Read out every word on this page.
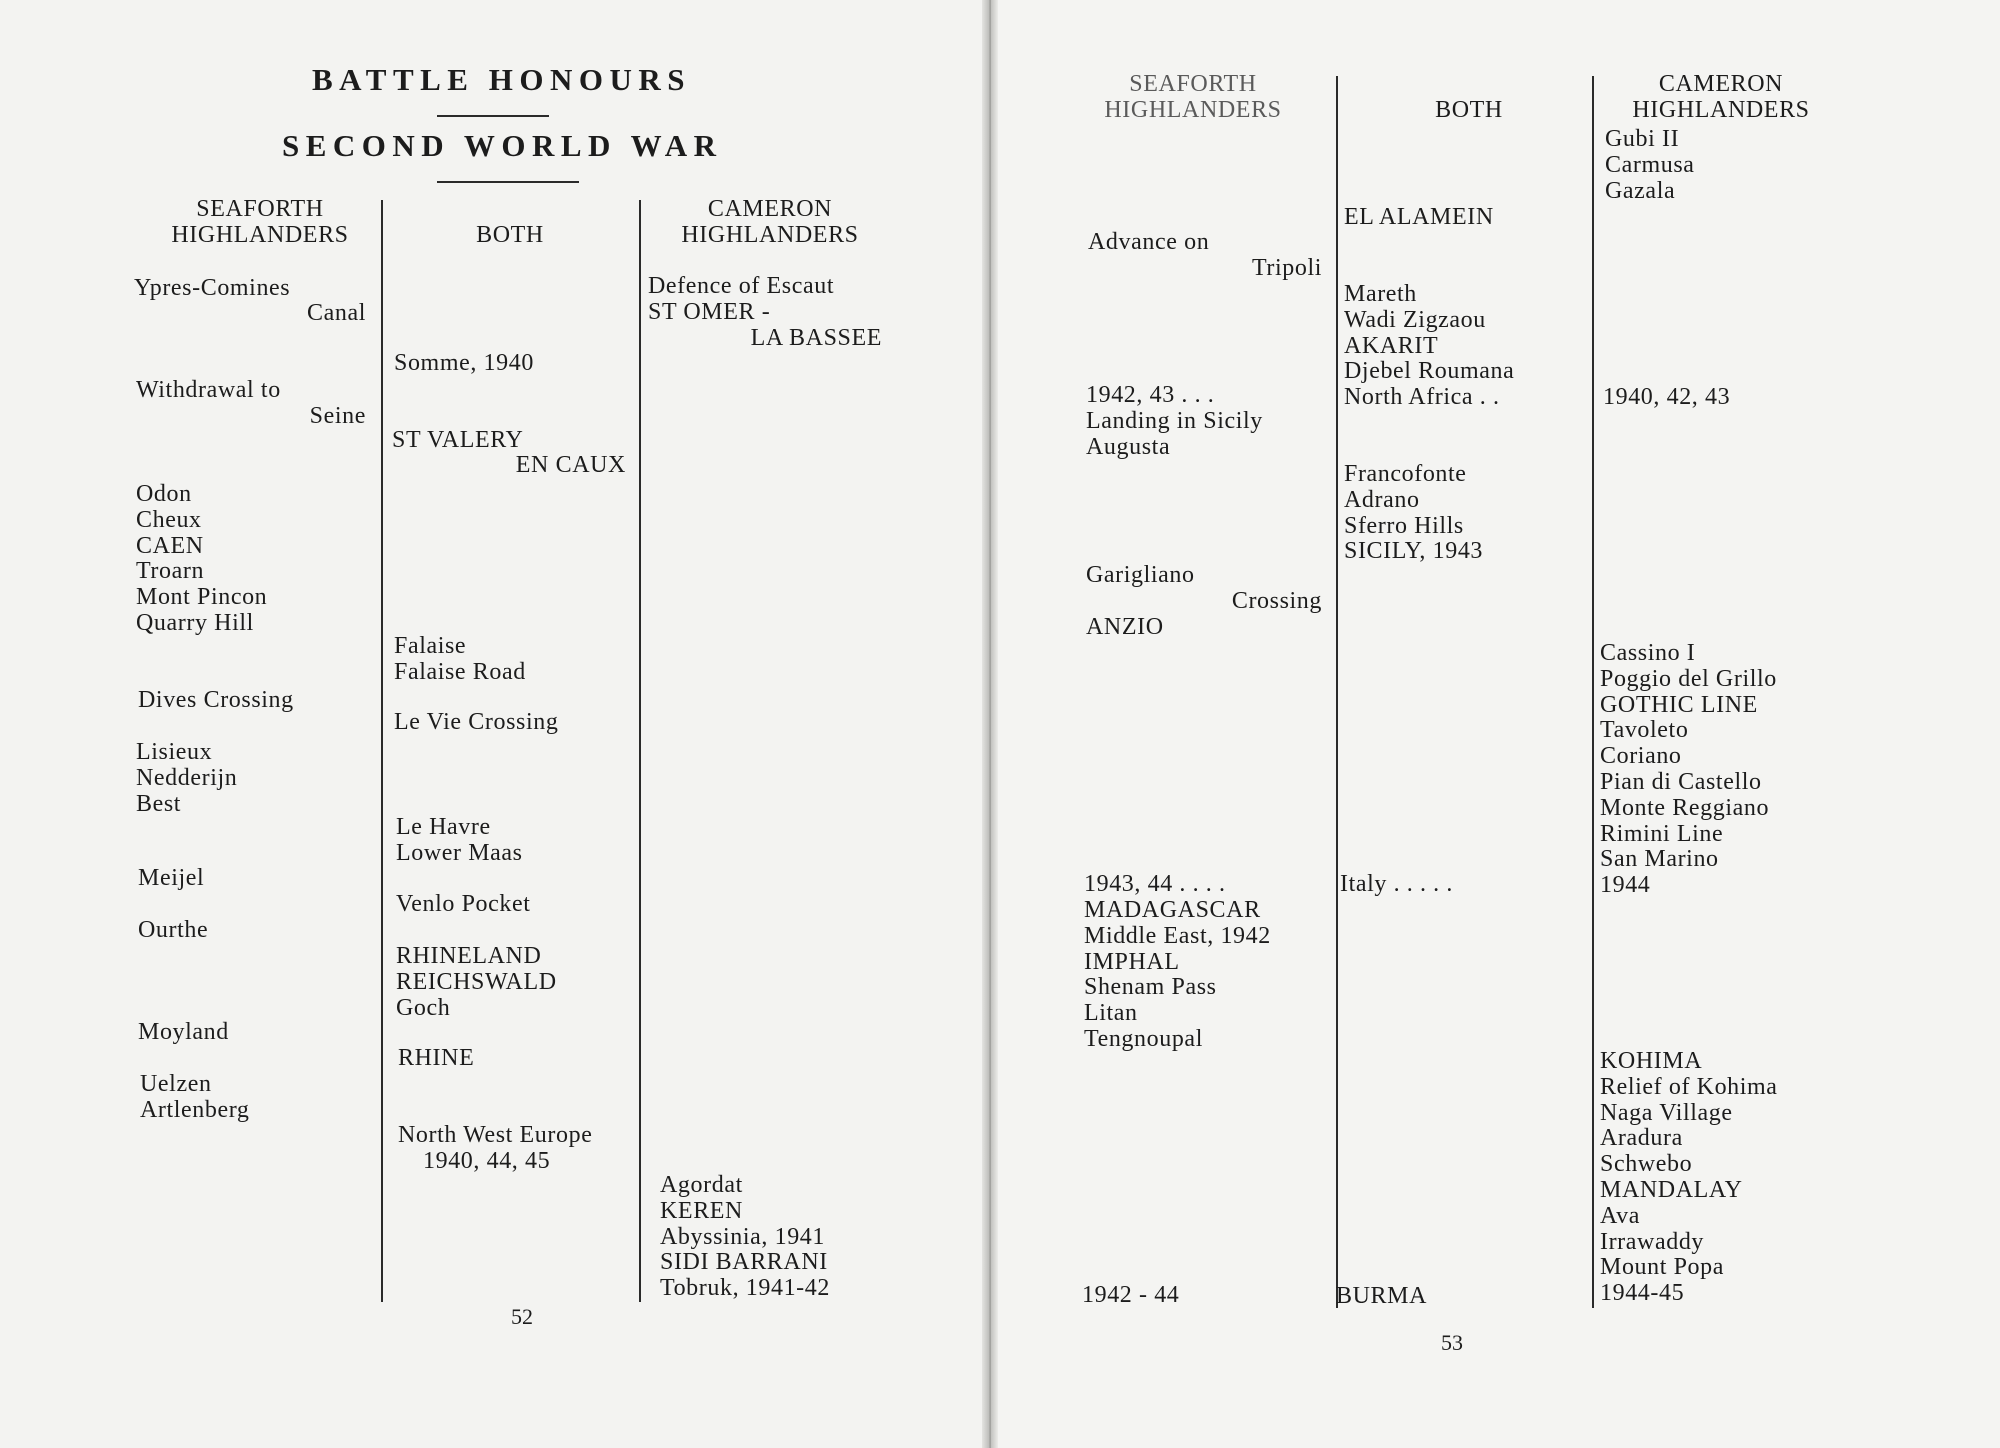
BATTLE HONOURS
SECOND WORLD WAR
SEAFORTH
HIGHLANDERS	BOTH
CAMERON
HIGHLANDERS
Ypres-Comines
Canal
Withdrawal to
Seine
Odon
Cheux
CAEN
Troarn
Mont Pincon
Quarry Hill
Dives Crossing
Lisieux
Nedderijn
Best
Meijel
Ourthe
Moyland
Uelzen
Artlenberg
Somme, 1940
ST VALERY
EN CAUX
Falaise
Falaise Road
Le Vie Crossing
Le Havre
Lower Maas
Venlo Pocket
RHINELAND
REICHSWALD
Goch
RHINE
North West Europe
1940, 44, 45
Defence of Escaut
ST OMER -
LA BASSEE
Agordat
KEREN
Abyssinia, 1941
SIDI BARRANI
Tobruk, 1941-42
52
SEAFORTH
HIGHLANDERS	BOTH
CAMERON
HIGHLANDERS
Advance on
Tripoli
1942, 43 . . .
Landing in Sicily
Augusta
Garigliano
Crossing
ANZIO
1943, 44 . . . .
MADAGASCAR
Middle East, 1942
IMPHAL
Shenam Pass
Litan
Tengnoupal
1942 - 44
EL ALAMEIN
Mareth
Wadi Zigzaou
AKARIT
Djebel Roumana
North Africa . .
Francofonte
Adrano
Sferro Hills
SICILY, 1943
Italy . . . . .
BURMA
Gubi II
Carmusa
Gazala
1940, 42, 43
Cassino I
Poggio del Grillo
GOTHIC LINE
Tavoleto
Coriano
Pian di Castello
Monte Reggiano
Rimini Line
San Marino
1944
KOHIMA
Relief of Kohima
Naga Village
Aradura
Schwebo
MANDALAY
Ava
Irrawaddy
Mount Popa
1944-45
53
